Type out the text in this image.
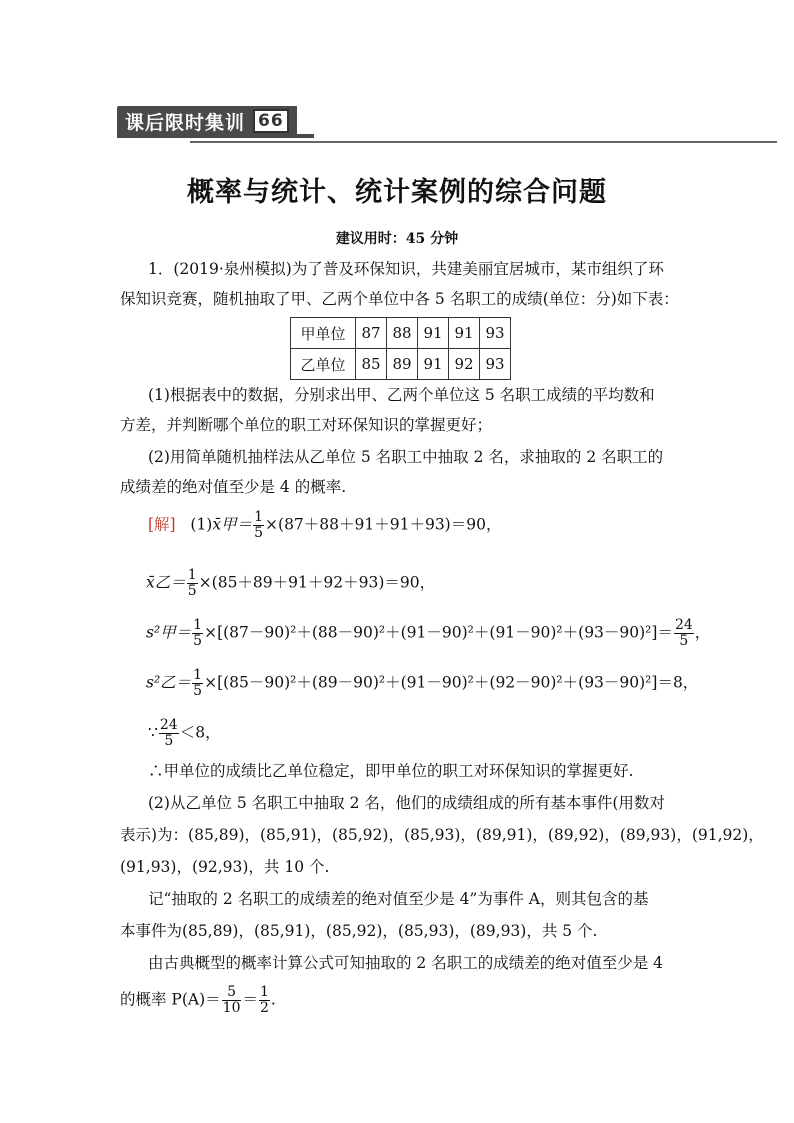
课后限时集训 66
概率与统计、统计案例的综合问题
建议用时：45 分钟
1．(2019·泉州模拟)为了普及环保知识，共建美丽宜居城市，某市组织了环
保知识竞赛，随机抽取了甲、乙两个单位中各 5 名职工的成绩(单位：分)如下表：
甲单位	87	88	91	91	93
乙单位	85	89	91	92	93
(1)根据表中的数据，分别求出甲、乙两个单位这 5 名职工成绩的平均数和
方差，并判断哪个单位的职工对环保知识的掌握更好；
(2)用简单随机抽样法从乙单位 5 名职工中抽取 2 名，求抽取的 2 名职工的
成绩差的绝对值至少是 4 的概率.
[解] (1)x̄甲＝ $\frac{1}{5} \times(87+88+91+91+93)=90$，
x̄乙＝ $\frac{1}{5} \times(85+89+91+92+93)=90$，
s²甲＝ $\frac{1}{5} \times[(87-90)^2+(88-90)^2+(91-90)^2+(91-90)^2+(93-90)^2]= \frac{24}{5}$ ，
s²乙＝ $\frac{1}{5} \times[(85-90)^2+(89-90)^2+(91-90)^2+(92-90)^2+(93-90)^2]=8$，
∵ $\frac{24}{5} <8$，
∴甲单位的成绩比乙单位稳定，即甲单位的职工对环保知识的掌握更好.
(2)从乙单位 5 名职工中抽取 2 名，他们的成绩组成的所有基本事件(用数对
表示)为：(85,89)，(85,91)，(85,92)，(85,93)，(89,91)，(89,92)，(89,93)，(91,92)，
(91,93)，(92,93)，共 10 个.
记“抽取的 2 名职工的成绩差的绝对值至少是 4”为事件 A，则其包含的基
本事件为(85,89)，(85,91)，(85,92)，(85,93)，(89,93)，共 5 个.
由古典概型的概率计算公式可知抽取的 2 名职工的成绩差的绝对值至少是 4
的概率 $P(A)= \frac{5}{10} = \frac{1}{2}$ .
